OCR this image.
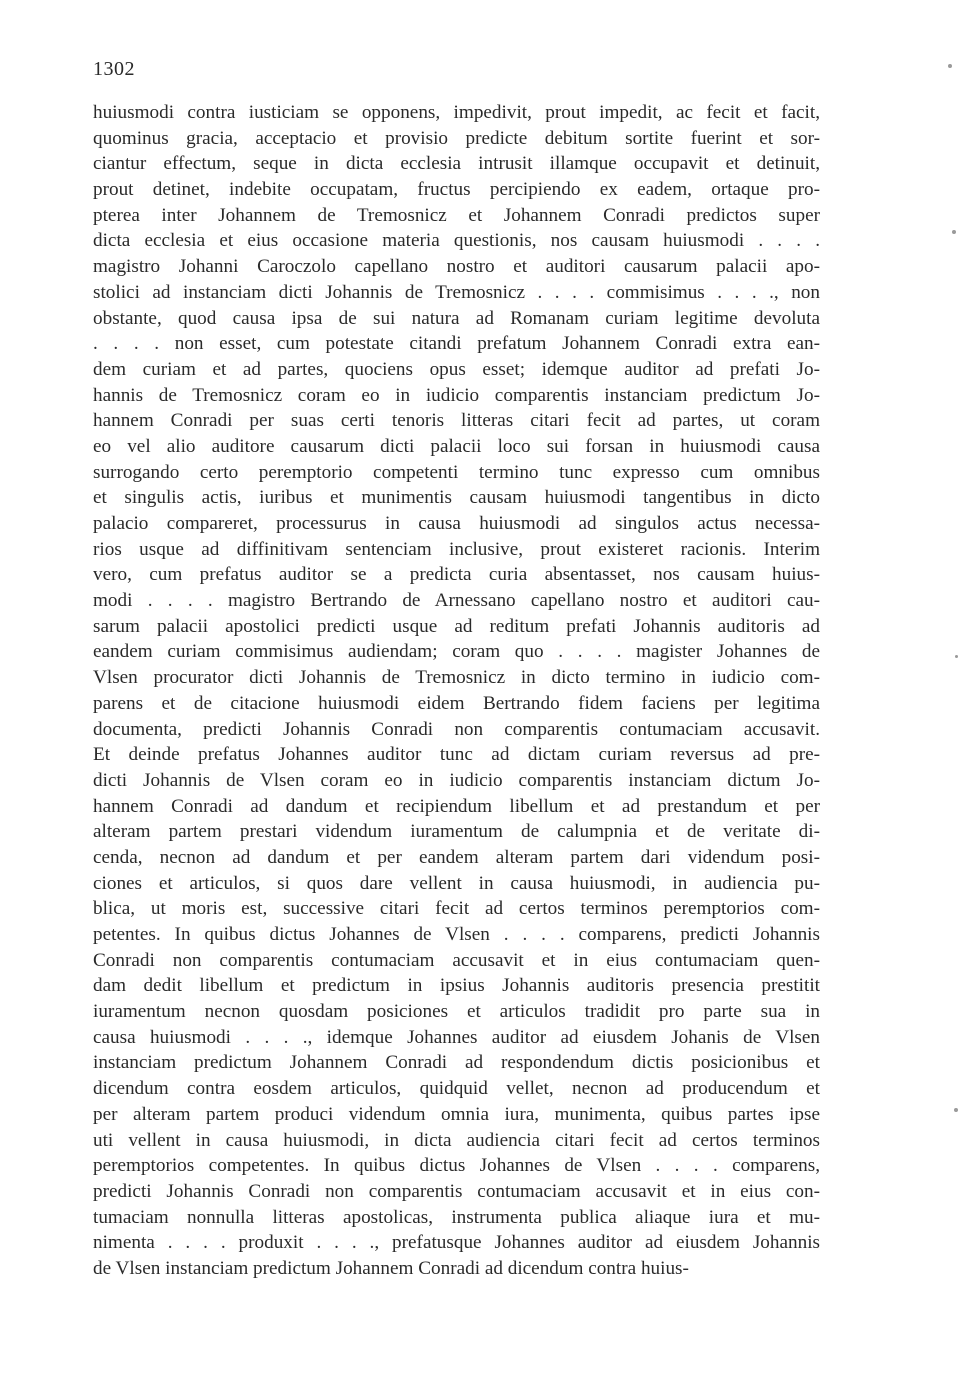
1302
huiusmodi contra iusticiam se opponens, impedivit, prout impedit, ac fecit et facit,
quominus gracia, acceptacio et provisio predicte debitum sortite fuerint et sor-
ciantur effectum, seque in dicta ecclesia intrusit illamque occupavit et detinuit,
prout detinet, indebite occupatam, fructus percipiendo ex eadem, ortaque pro-
pterea inter Johannem de Tremosnicz et Johannem Conradi predictos super
dicta ecclesia et eius occasione materia questionis, nos causam huiusmodi . . . .
magistro Johanni Caroczolo capellano nostro et auditori causarum palacii apo-
stolici ad instanciam dicti Johannis de Tremosnicz . . . . commisimus . . . ., non
obstante, quod causa ipsa de sui natura ad Romanam curiam legitime devoluta
. . . . non esset, cum potestate citandi prefatum Johannem Conradi extra ean-
dem curiam et ad partes, quociens opus esset; idemque auditor ad prefati Jo-
hannis de Tremosnicz coram eo in iudicio comparentis instanciam predictum Jo-
hannem Conradi per suas certi tenoris litteras citari fecit ad partes, ut coram
eo vel alio auditore causarum dicti palacii loco sui forsan in huiusmodi causa
surrogando certo peremptorio competenti termino tunc expresso cum omnibus
et singulis actis, iuribus et munimentis causam huiusmodi tangentibus in dicto
palacio compareret, processurus in causa huiusmodi ad singulos actus necessa-
rios usque ad diffinitivam sentenciam inclusive, prout existeret racionis. Interim
vero, cum prefatus auditor se a predicta curia absentasset, nos causam huius-
modi . . . . magistro Bertrando de Arnessano capellano nostro et auditori cau-
sarum palacii apostolici predicti usque ad reditum prefati Johannis auditoris ad
eandem curiam commisimus audiendam; coram quo . . . . magister Johannes de
Vlsen procurator dicti Johannis de Tremosnicz in dicto termino in iudicio com-
parens et de citacione huiusmodi eidem Bertrando fidem faciens per legitima
documenta, predicti Johannis Conradi non comparentis contumaciam accusavit.
Et deinde prefatus Johannes auditor tunc ad dictam curiam reversus ad pre-
dicti Johannis de Vlsen coram eo in iudicio comparentis instanciam dictum Jo-
hannem Conradi ad dandum et recipiendum libellum et ad prestandum et per
alteram partem prestari videndum iuramentum de calumpnia et de veritate di-
cenda, necnon ad dandum et per eandem alteram partem dari videndum posi-
ciones et articulos, si quos dare vellent in causa huiusmodi, in audiencia pu-
blica, ut moris est, successive citari fecit ad certos terminos peremptorios com-
petentes. In quibus dictus Johannes de Vlsen . . . . comparens, predicti Johannis
Conradi non comparentis contumaciam accusavit et in eius contumaciam quen-
dam dedit libellum et predictum in ipsius Johannis auditoris presencia prestitit
iuramentum necnon quosdam posiciones et articulos tradidit pro parte sua in
causa huiusmodi . . . ., idemque Johannes auditor ad eiusdem Johanis de Vlsen
instanciam predictum Johannem Conradi ad respondendum dictis posicionibus et
dicendum contra eosdem articulos, quidquid vellet, necnon ad producendum et
per alteram partem produci videndum omnia iura, munimenta, quibus partes ipse
uti vellent in causa huiusmodi, in dicta audiencia citari fecit ad certos terminos
peremptorios competentes. In quibus dictus Johannes de Vlsen . . . . comparens,
predicti Johannis Conradi non comparentis contumaciam accusavit et in eius con-
tumaciam nonnulla litteras apostolicas, instrumenta publica aliaque iura et mu-
nimenta . . . . produxit . . . ., prefatusque Johannes auditor ad eiusdem Johannis
de Vlsen instanciam predictum Johannem Conradi ad dicendum contra huius-
